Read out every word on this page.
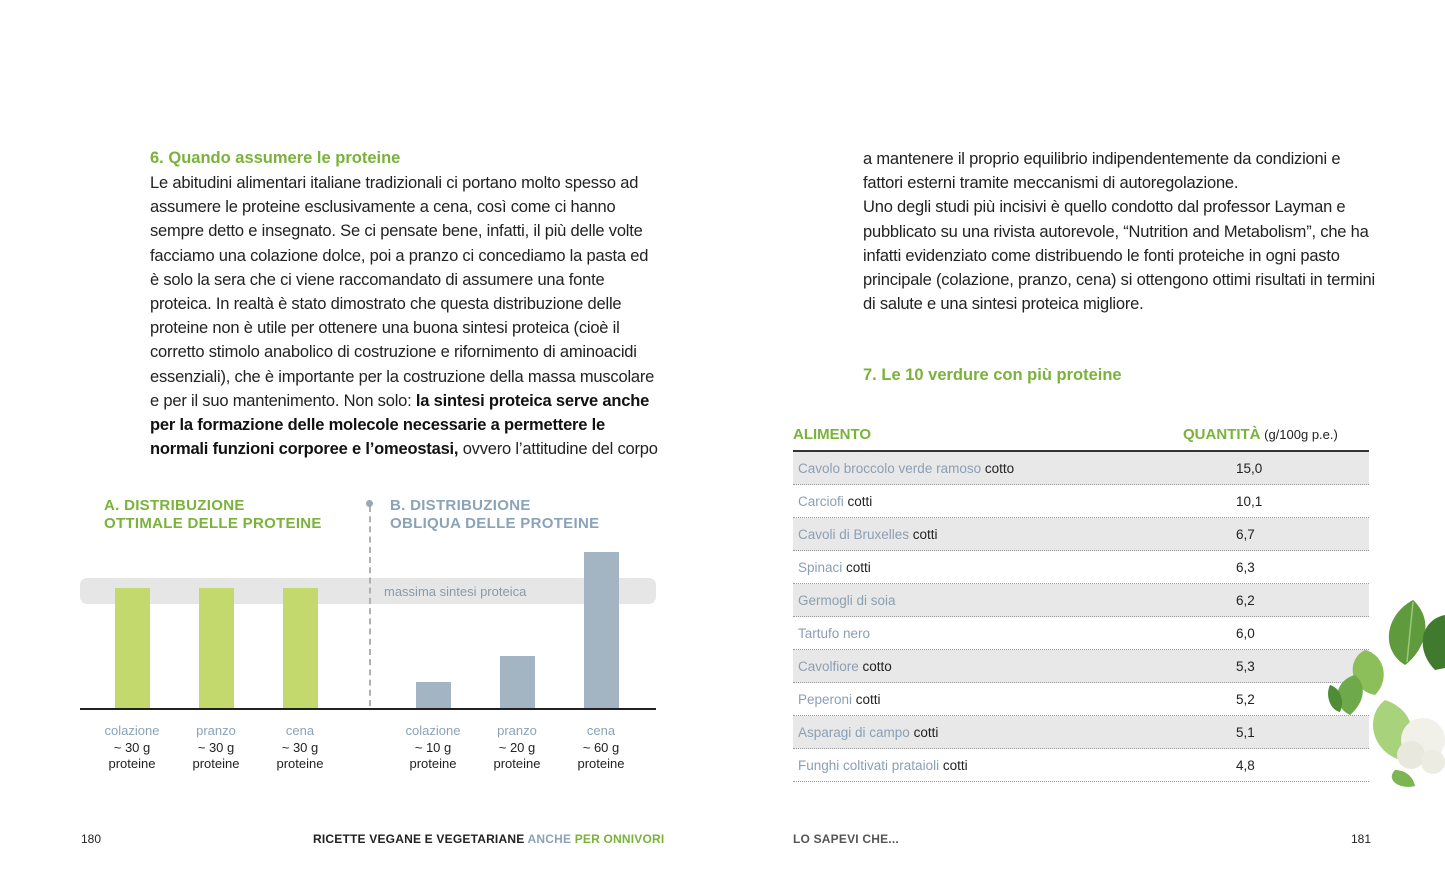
6. Quando assumere le proteine
Le abitudini alimentari italiane tradizionali ci portano molto spesso ad
assumere le proteine esclusivamente a cena, così come ci hanno
sempre detto e insegnato. Se ci pensate bene, infatti, il più delle volte
facciamo una colazione dolce, poi a pranzo ci concediamo la pasta ed
è solo la sera che ci viene raccomandato di assumere una fonte
proteica. In realtà è stato dimostrato che questa distribuzione delle
proteine non è utile per ottenere una buona sintesi proteica (cioè il
corretto stimolo anabolico di costruzione e rifornimento di aminoacidi
essenziali), che è importante per la costruzione della massa muscolare
e per il suo mantenimento. Non solo: la sintesi proteica serve anche
per la formazione delle molecole necessarie a permettere le
normali funzioni corporee e l’omeostasi, ovvero l’attitudine del corpo
A. DISTRIBUZIONE
OTTIMALE DELLE PROTEINE
B. DISTRIBUZIONE
OBLIQUA DELLE PROTEINE
massima sintesi proteica
colazione
~ 30 g
proteine
pranzo
~ 30 g
proteine
cena
~ 30 g
proteine
colazione
~ 10 g
proteine
pranzo
~ 20 g
proteine
cena
~ 60 g
proteine
180	RICETTE VEGANE E VEGETARIANE ANCHE PER ONNIVORI
a mantenere il proprio equilibrio indipendentemente da condizioni e
fattori esterni tramite meccanismi di autoregolazione.
Uno degli studi più incisivi è quello condotto dal professor Layman e
pubblicato su una rivista autorevole, “Nutrition and Metabolism”, che ha
infatti evidenziato come distribuendo le fonti proteiche in ogni pasto
principale (colazione, pranzo, cena) si ottengono ottimi risultati in termini
di salute e una sintesi proteica migliore.
7. Le 10 verdure con più proteine
ALIMENTO	QUANTITÀ (g/100g p.e.)
Cavolo broccolo verde ramoso cotto	15,0
Carciofi cotti	10,1
Cavoli di Bruxelles cotti	6,7
Spinaci cotti	6,3
Germogli di soia	6,2
Tartufo nero	6,0
Cavolfiore cotto	5,3
Peperoni cotti	5,2
Asparagi di campo cotti	5,1
Funghi coltivati prataioli cotti	4,8
LO SAPEVI CHE...	181
